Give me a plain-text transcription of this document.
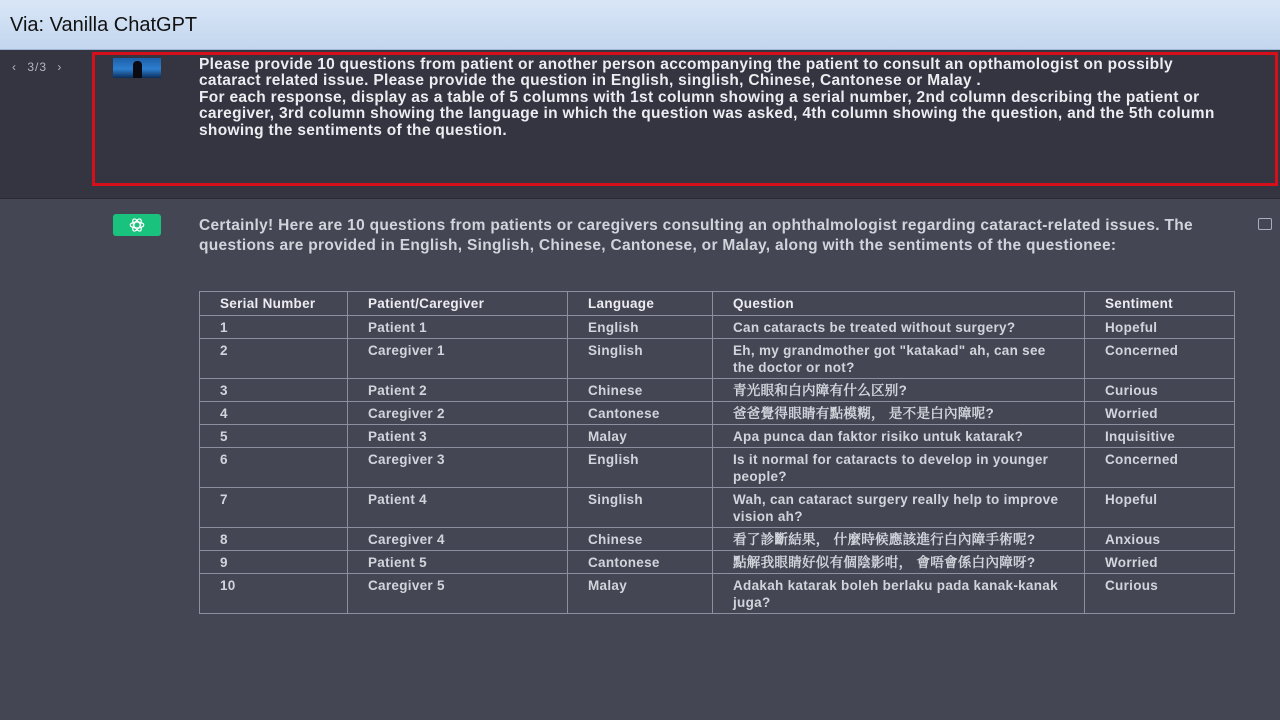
Via: Vanilla ChatGPT
‹ 3/3 ›	Please provide 10 questions from patient or another person accompanying the patient to consult an opthamologist on possibly cataract related issue. Please provide the question in English, singlish, Chinese, Cantonese or Malay .

For each response, display as a table of 5 columns with 1st column showing a serial number, 2nd column describing the patient or caregiver, 3rd column showing the language in which the question was asked, 4th column showing the question, and the 5th column showing the sentiments of the question.

Certainly! Here are 10 questions from patients or caregivers consulting an ophthalmologist regarding cataract-related issues. The questions are provided in English, Singlish, Chinese, Cantonese, or Malay, along with the sentiments of the questionee:
Serial Number	Patient/Caregiver	Language	Question	Sentiment
1	Patient 1	English	Can cataracts be treated without surgery?	Hopeful
2	Caregiver 1	Singlish	Eh, my grandmother got "katakad" ah, can see the doctor or not?	Concerned
3	Patient 2	Chinese	青光眼和白内障有什么区别?	Curious
4	Caregiver 2	Cantonese	爸爸覺得眼睛有點模糊， 是不是白內障呢?	Worried
5	Patient 3	Malay	Apa punca dan faktor risiko untuk katarak?	Inquisitive
6	Caregiver 3	English	Is it normal for cataracts to develop in younger people?	Concerned
7	Patient 4	Singlish	Wah, can cataract surgery really help to improve vision ah?	Hopeful
8	Caregiver 4	Chinese	看了診斷結果， 什麼時候應該進行白內障手術呢?	Anxious
9	Patient 5	Cantonese	點解我眼睛好似有個陰影咁， 會唔會係白內障呀?	Worried
10	Caregiver 5	Malay	Adakah katarak boleh berlaku pada kanak-kanak juga?	Curious
